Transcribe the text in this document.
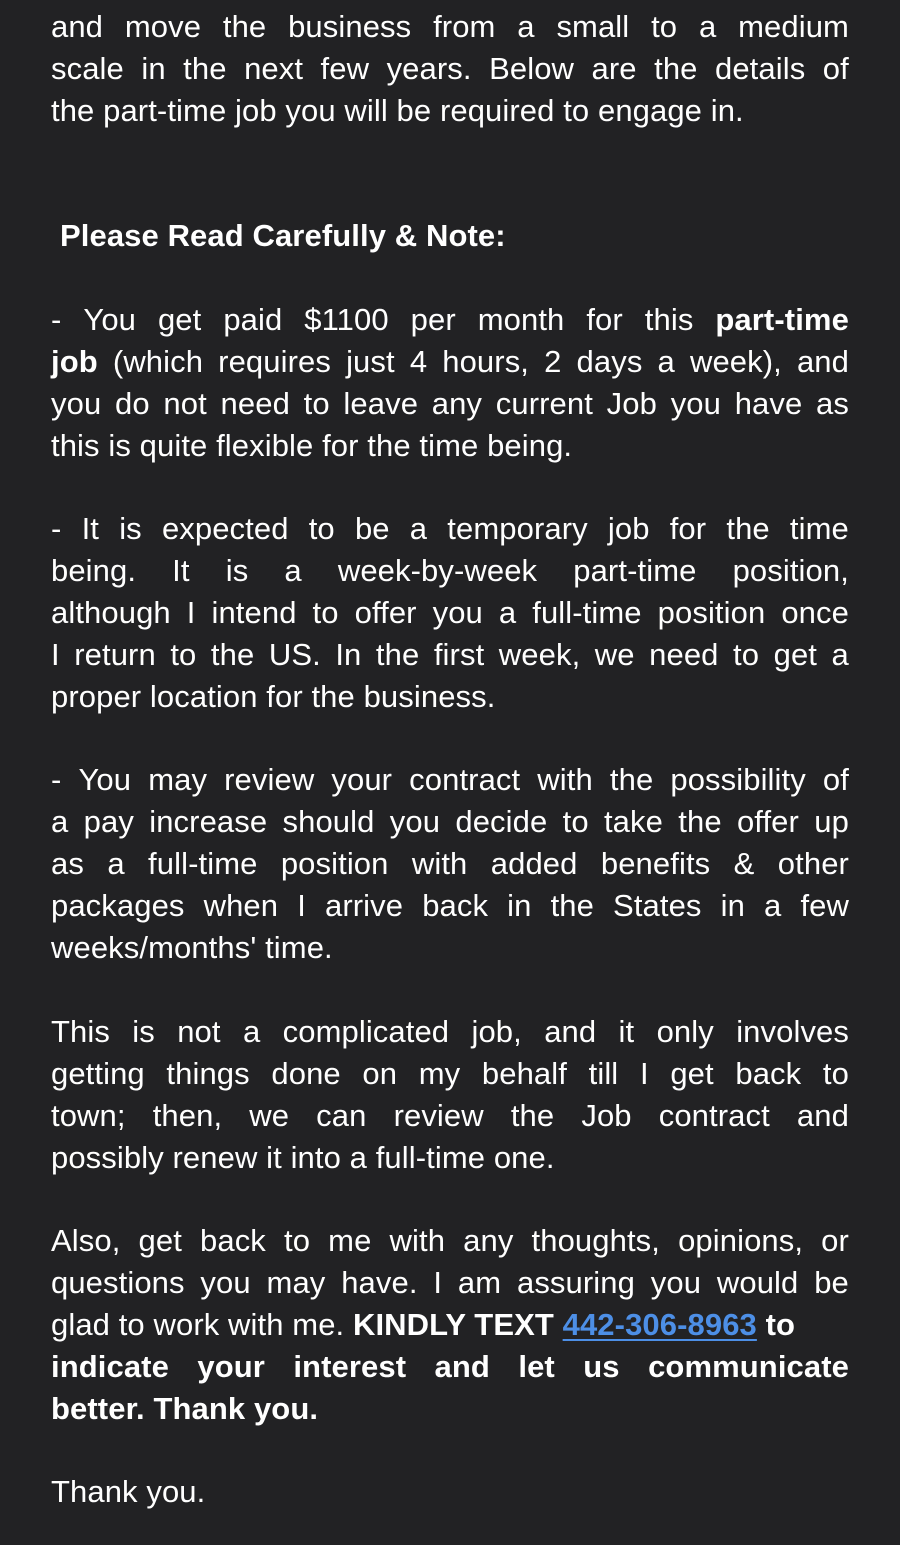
and move the business from a small to a medium
scale in the next few years. Below are the details of
the part-time job you will be required to engage in.
Please Read Carefully & Note:
- You get paid $1100 per month for this part-time
job (which requires just 4 hours, 2 days a week), and
you do not need to leave any current Job you have as
this is quite flexible for the time being.
- It is expected to be a temporary job for the time
being. It is a week-by-week part-time position,
although I intend to offer you a full-time position once
I return to the US. In the first week, we need to get a
proper location for the business.
- You may review your contract with the possibility of
a pay increase should you decide to take the offer up
as a full-time position with added benefits & other
packages when I arrive back in the States in a few
weeks/months' time.
This is not a complicated job, and it only involves
getting things done on my behalf till I get back to
town; then, we can review the Job contract and
possibly renew it into a full-time one.
Also, get back to me with any thoughts, opinions, or
questions you may have. I am assuring you would be
glad to work with me. KINDLY TEXT 442-306-8963 to
indicate your interest and let us communicate
better. Thank you.
Thank you.
